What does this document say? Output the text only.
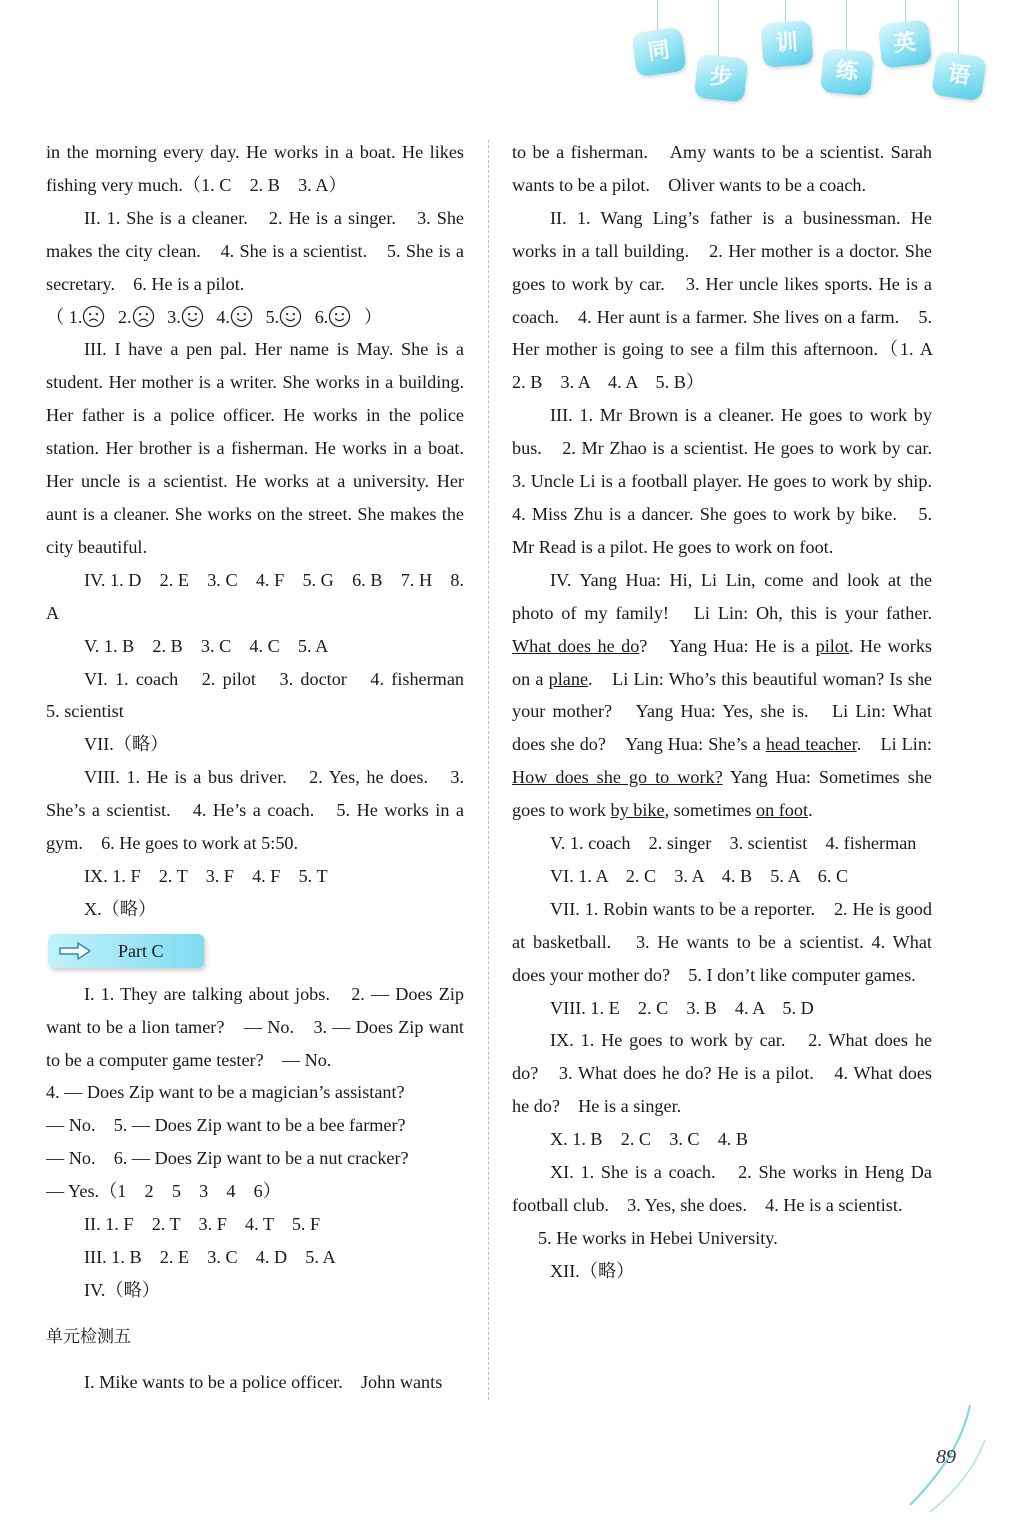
同
步
训
练
英
语

in the morning every day. He works in a boat. He likes fishing very much.（1. C　2. B　3. A）

II. 1. She is a cleaner.　2. He is a singer.　3. She makes the city clean.　4. She is a scientist.　5. She is a secretary.　6. He is a pilot.

（ 1. 2. 3. 4. 5. 6. ）

III. I have a pen pal. Her name is May. She is a student. Her mother is a writer. She works in a building. Her father is a police officer. He works in the police station. Her brother is a fisherman. He works in a boat. Her uncle is a scientist. He works at a university. Her aunt is a cleaner. She works on the street. She makes the city beautiful.

IV. 1. D　2. E　3. C　4. F　5. G　6. B　7. H　8. A

V. 1. B　2. B　3. C　4. C　5. A

VI. 1. coach　2. pilot　3. doctor　4. fisherman　5. scientist

VII.（略）

VIII. 1. He is a bus driver.　2. Yes, he does.　3. She’s a scientist.　4. He’s a coach.　5. He works in a gym.　6. He goes to work at 5:50.

IX. 1. F　2. T　3. F　4. F　5. T

X.（略）

Part C

I. 1. They are talking about jobs.　2. — Does Zip want to be a lion tamer?　— No.　3. — Does Zip want to be a computer game tester?　— No.

4. — Does Zip want to be a magician’s assistant?

— No.　5. — Does Zip want to be a bee farmer?

— No.　6. — Does Zip want to be a nut cracker?

— Yes.（1　2　5　3　4　6）

II. 1. F　2. T　3. F　4. T　5. F

III. 1. B　2. E　3. C　4. D　5. A

IV.（略）

单元检测五

I. Mike wants to be a police officer.　John wants

to be a fisherman.　Amy wants to be a scientist. Sarah wants to be a pilot.　Oliver wants to be a coach.

II. 1. Wang Ling’s father is a businessman. He works in a tall building.　2. Her mother is a doctor. She goes to work by car.　3. Her uncle likes sports. He is a coach.　4. Her aunt is a farmer. She lives on a farm.　5. Her mother is going to see a film this afternoon.（1. A　2. B　3. A　4. A　5. B）

III. 1. Mr Brown is a cleaner. He goes to work by bus.　2. Mr Zhao is a scientist. He goes to work by car.　3. Uncle Li is a football player. He goes to work by ship.　4. Miss Zhu is a dancer. She goes to work by bike.　5. Mr Read is a pilot. He goes to work on foot.

IV. Yang Hua: Hi, Li Lin, come and look at the photo of my family!　Li Lin: Oh, this is your father. What does he do?　Yang Hua: He is a pilot. He works on a plane.　Li Lin: Who’s this beautiful woman? Is she your mother?　Yang Hua: Yes, she is.　Li Lin: What does she do?　Yang Hua: She’s a head teacher.　Li Lin: How does she go to work? Yang Hua: Sometimes she goes to work by bike, sometimes on foot.

V. 1. coach　2. singer　3. scientist　4. fisherman

VI. 1. A　2. C　3. A　4. B　5. A　6. C

VII. 1. Robin wants to be a reporter.　2. He is good at basketball.　3. He wants to be a scientist. 4. What does your mother do?　5. I don’t like computer games.

VIII. 1. E　2. C　3. B　4. A　5. D

IX. 1. He goes to work by car.　2. What does he do?　3. What does he do? He is a pilot.　4. What does he do?　He is a singer.

X. 1. B　2. C　3. C　4. B

XI. 1. She is a coach.　2. She works in Heng Da football club.　3. Yes, she does.　4. He is a scientist.

5. He works in Hebei University.

XII.（略）

89
